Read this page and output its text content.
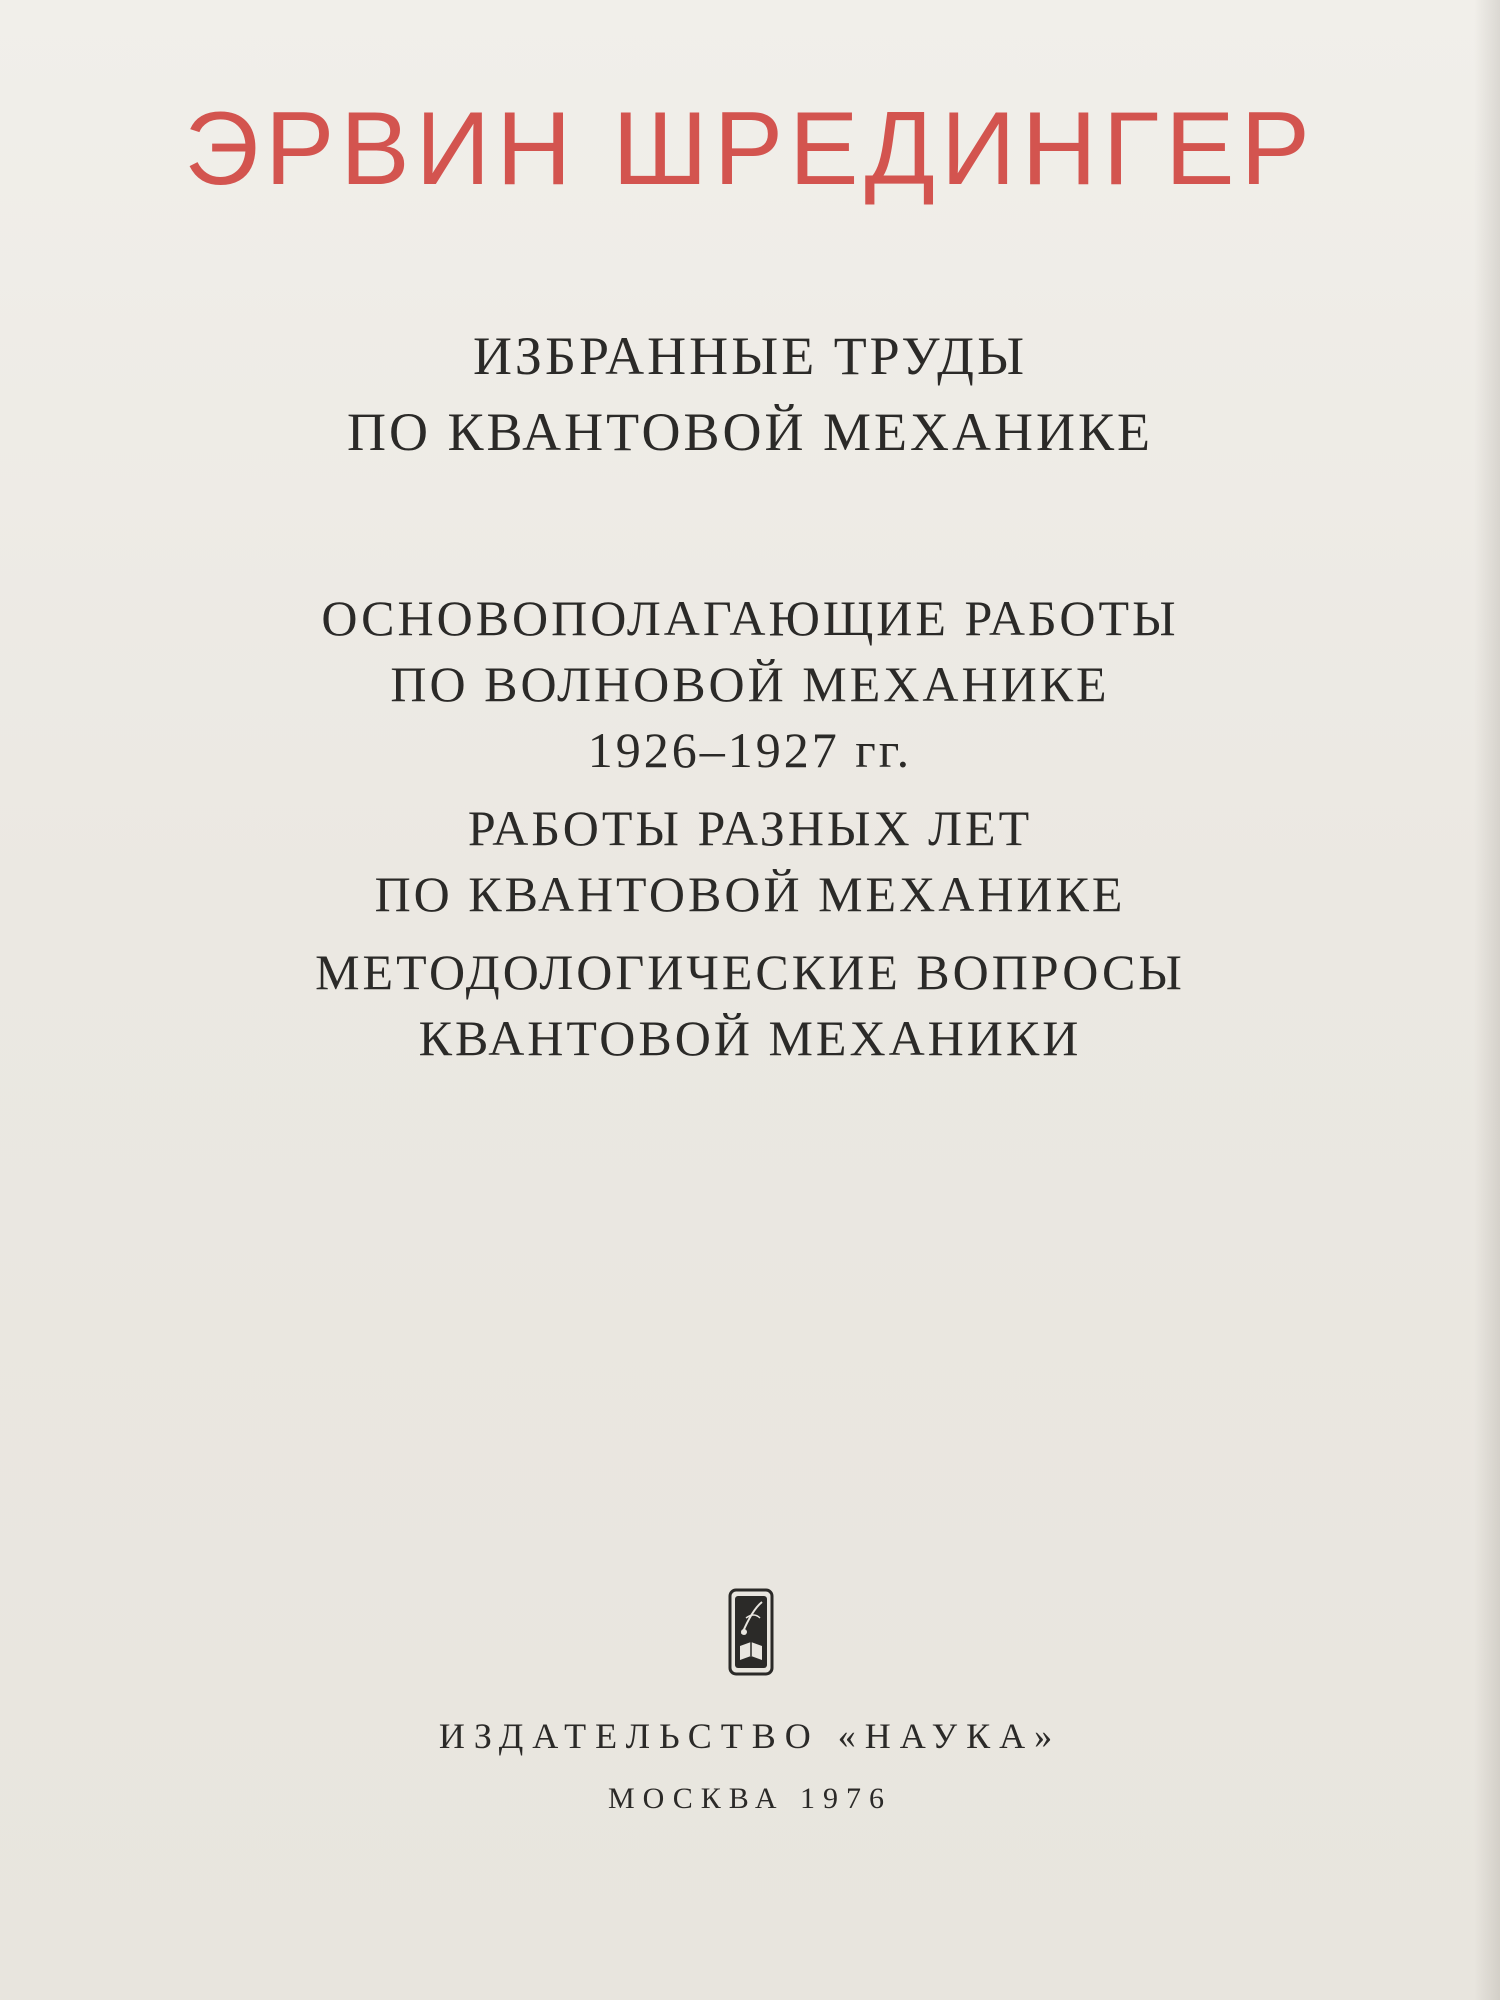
ЭРВИН ШРЕДИНГЕР
ИЗБРАННЫЕ ТРУДЫ
ПО КВАНТОВОЙ МЕХАНИКЕ
ОСНОВОПОЛАГАЮЩИЕ РАБОТЫ
ПО ВОЛНОВОЙ МЕХАНИКЕ
1926–1927 гг.
РАБОТЫ РАЗНЫХ ЛЕТ
ПО КВАНТОВОЙ МЕХАНИКЕ
МЕТОДОЛОГИЧЕСКИЕ ВОПРОСЫ
КВАНТОВОЙ МЕХАНИКИ
ИЗДАТЕЛЬСТВО «НАУКА»
МОСКВА 1976
